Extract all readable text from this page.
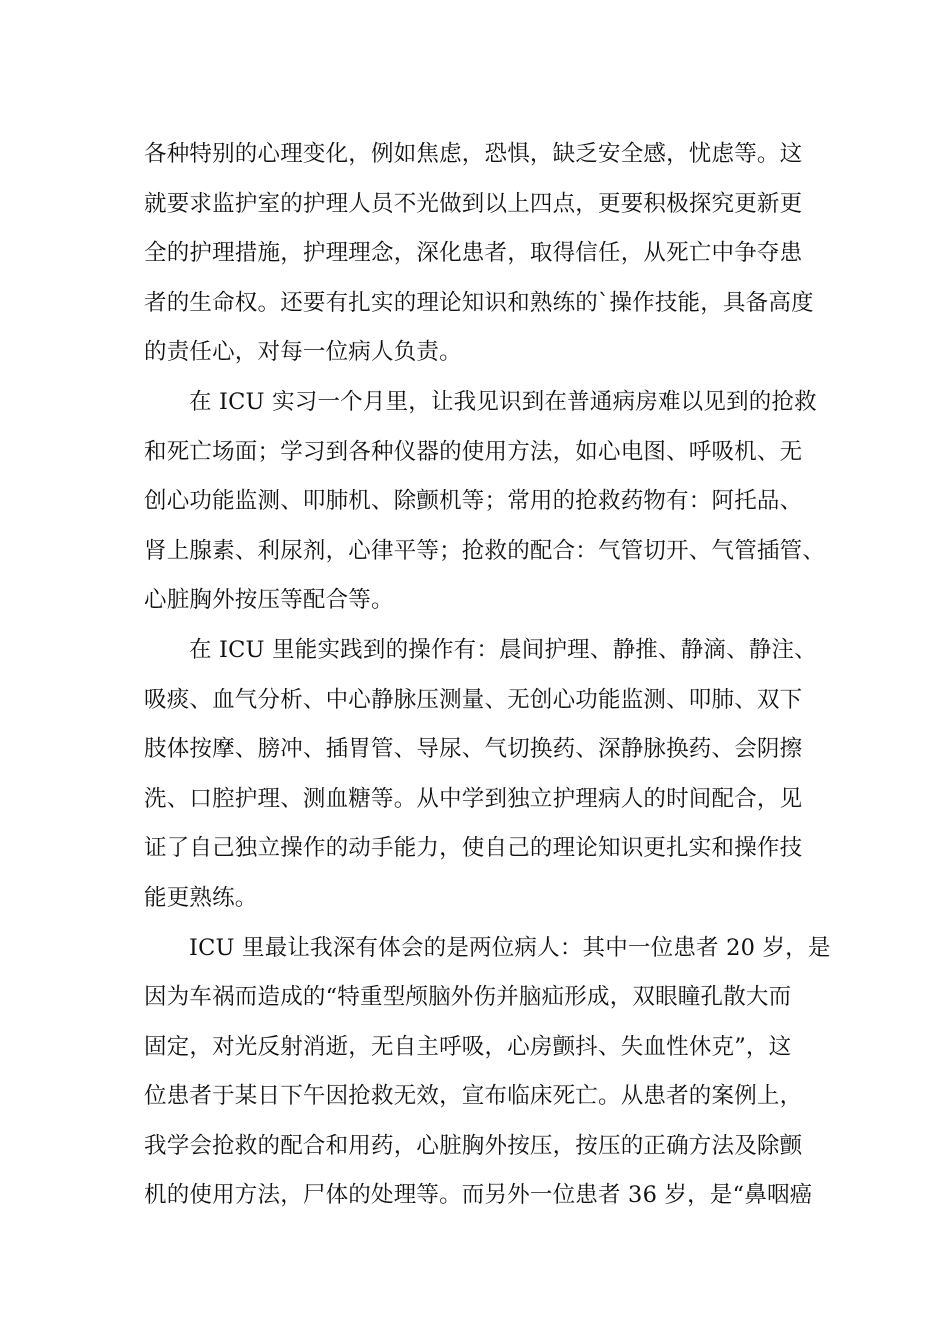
各种特别的心理变化，例如焦虑，恐惧，缺乏安全感，忧虑等。这
就要求监护室的护理人员不光做到以上四点，更要积极探究更新更
全的护理措施，护理理念，深化患者，取得信任，从死亡中争夺患
者的生命权。还要有扎实的理论知识和熟练的`操作技能，具备高度
的责任心，对每一位病人负责。
在 ICU 实习一个月里，让我见识到在普通病房难以见到的抢救
和死亡场面；学习到各种仪器的使用方法，如心电图、呼吸机、无
创心功能监测、叩肺机、除颤机等；常用的抢救药物有：阿托品、
肾上腺素、利尿剂，心律平等；抢救的配合：气管切开、气管插管、
心脏胸外按压等配合等。
在 ICU 里能实践到的操作有：晨间护理、静推、静滴、静注、
吸痰、血气分析、中心静脉压测量、无创心功能监测、叩肺、双下
肢体按摩、膀冲、插胃管、导尿、气切换药、深静脉换药、会阴擦
洗、口腔护理、测血糖等。从中学到独立护理病人的时间配合，见
证了自己独立操作的动手能力，使自己的理论知识更扎实和操作技
能更熟练。
ICU 里最让我深有体会的是两位病人：其中一位患者 20 岁，是
因为车祸而造成的“特重型颅脑外伤并脑疝形成，双眼瞳孔散大而
固定，对光反射消逝，无自主呼吸，心房颤抖、失血性休克”，这
位患者于某日下午因抢救无效，宣布临床死亡。从患者的案例上，
我学会抢救的配合和用药，心脏胸外按压，按压的正确方法及除颤
机的使用方法，尸体的处理等。而另外一位患者 36 岁，是“鼻咽癌
